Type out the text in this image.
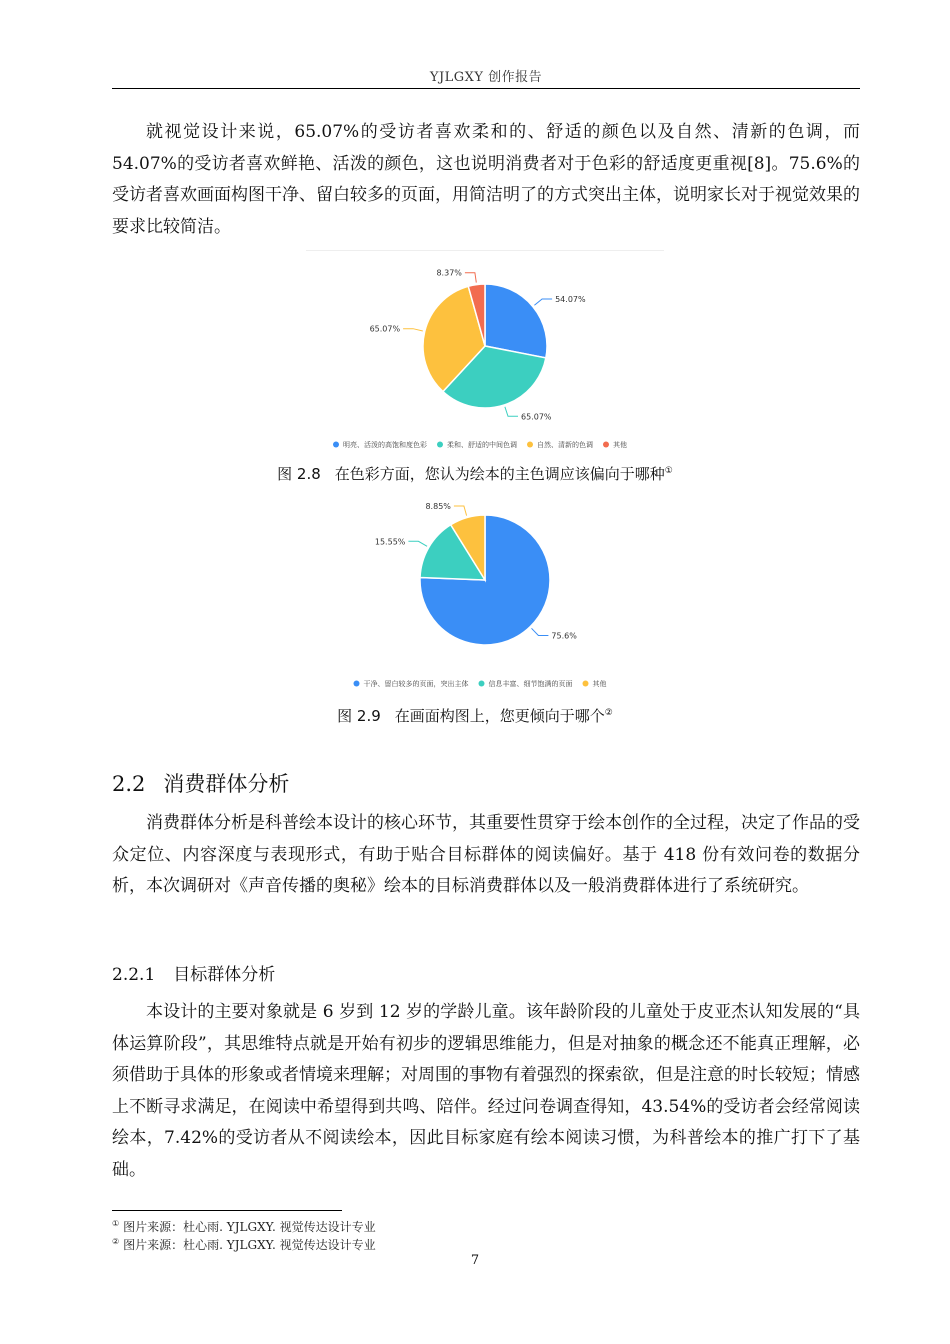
YJLGXY 创作报告

就视觉设计来说，65.07%的受访者喜欢柔和的、舒适的颜色以及自然、清新的色调，而 54.07%的受访者喜欢鲜艳、活泼的颜色，这也说明消费者对于色彩的舒适度更重视[8]。75.6%的受访者喜欢画面构图干净、留白较多的页面，用简洁明了的方式突出主体，说明家长对于视觉效果的要求比较简洁。

54.07%
65.07%
65.07%
8.37%
明亮、活泼的高饱和度色彩	柔和、舒适的中间色调	自然、清新的色调	其他
图 2.8 在色彩方面，您认为绘本的主色调应该偏向于哪种①
75.6%
15.55%
8.85%
干净、留白较多的页面，突出主体	信息丰富、细节饱满的页面	其他
图 2.9 在画面构图上，您更倾向于哪个②
2.2 消费群体分析

消费群体分析是科普绘本设计的核心环节，其重要性贯穿于绘本创作的全过程，决定了作品的受众定位、内容深度与表现形式，有助于贴合目标群体的阅读偏好。基于 418 份有效问卷的数据分析，本次调研对《声音传播的奥秘》绘本的目标消费群体以及一般消费群体进行了系统研究。

2.2.1 目标群体分析

本设计的主要对象就是 6 岁到 12 岁的学龄儿童。该年龄阶段的儿童处于皮亚杰认知发展的“具体运算阶段”，其思维特点就是开始有初步的逻辑思维能力，但是对抽象的概念还不能真正理解，必须借助于具体的形象或者情境来理解；对周围的事物有着强烈的探索欲，但是注意的时长较短；情感上不断寻求满足，在阅读中希望得到共鸣、陪伴。经过问卷调查得知，43.54%的受访者会经常阅读绘本，7.42%的受访者从不阅读绘本，因此目标家庭有绘本阅读习惯，为科普绘本的推广打下了基础。

① 图片来源：杜心雨. YJLGXY. 视觉传达设计专业
② 图片来源：杜心雨. YJLGXY. 视觉传达设计专业
7
